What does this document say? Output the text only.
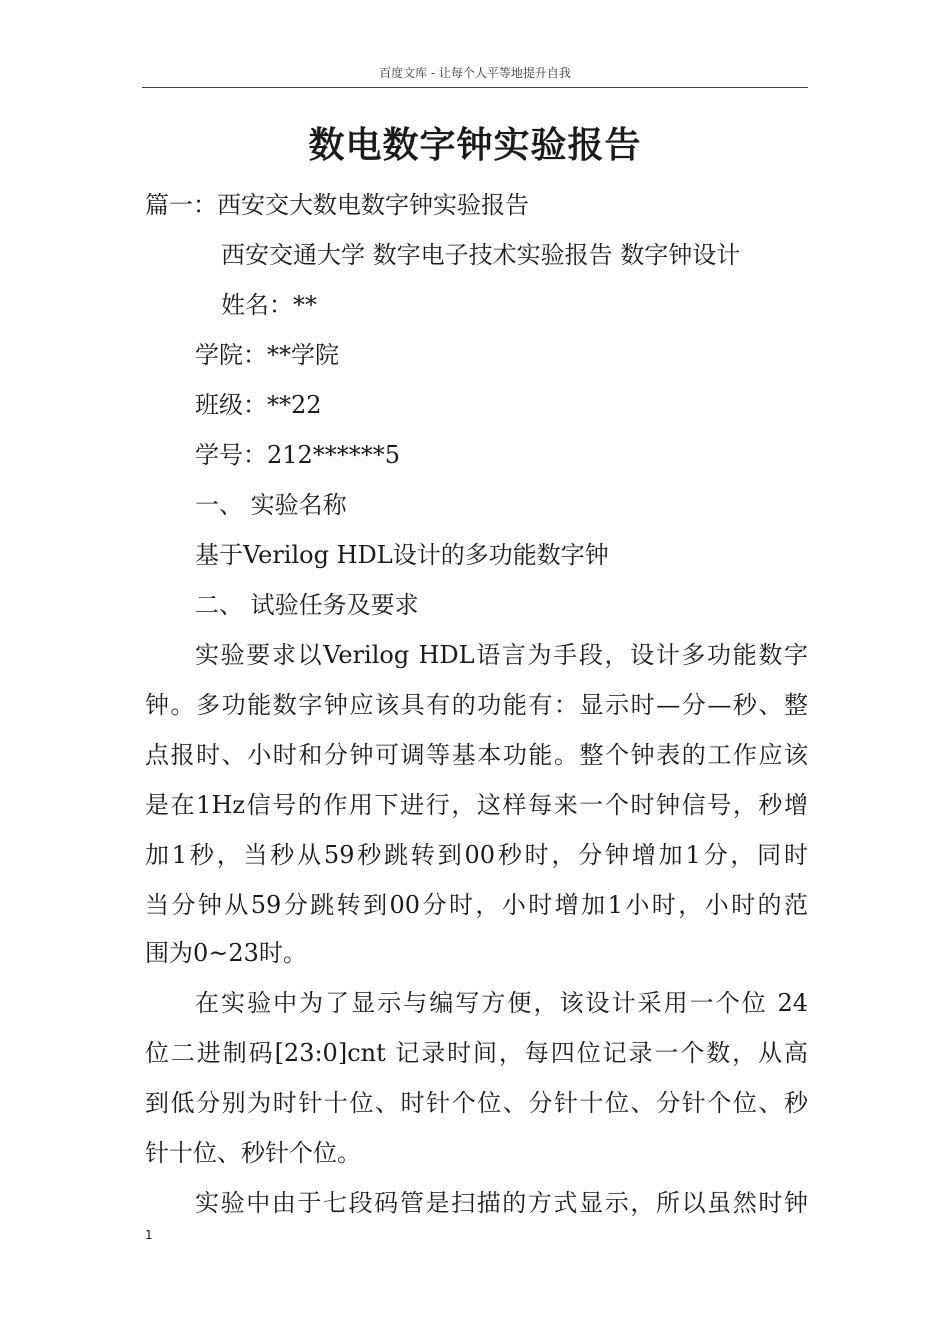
百度文库 - 让每个人平等地提升自我
数电数字钟实验报告
篇一：西安交大数电数字钟实验报告
西安交通大学 数字电子技术实验报告 数字钟设计
姓名：**
学院：**学院
班级：**22
学号：212******5
一、 实验名称
基于Verilog HDL设计的多功能数字钟
二、 试验任务及要求
实验要求以Verilog HDL语言为手段，设计多功能数字
钟。多功能数字钟应该具有的功能有：显示时—分—秒、整
点报时、小时和分钟可调等基本功能。整个钟表的工作应该
是在1Hz信号的作用下进行，这样每来一个时钟信号，秒增
加1秒，当秒从59秒跳转到00秒时，分钟增加1分，同时
当分钟从59分跳转到00分时，小时增加1小时，小时的范
围为0~23时。
在实验中为了显示与编写方便，该设计采用一个位 24
位二进制码[23:0]cnt 记录时间，每四位记录一个数，从高
到低分别为时针十位、时针个位、分针十位、分针个位、秒
针十位、秒针个位。
实验中由于七段码管是扫描的方式显示，所以虽然时钟
1
